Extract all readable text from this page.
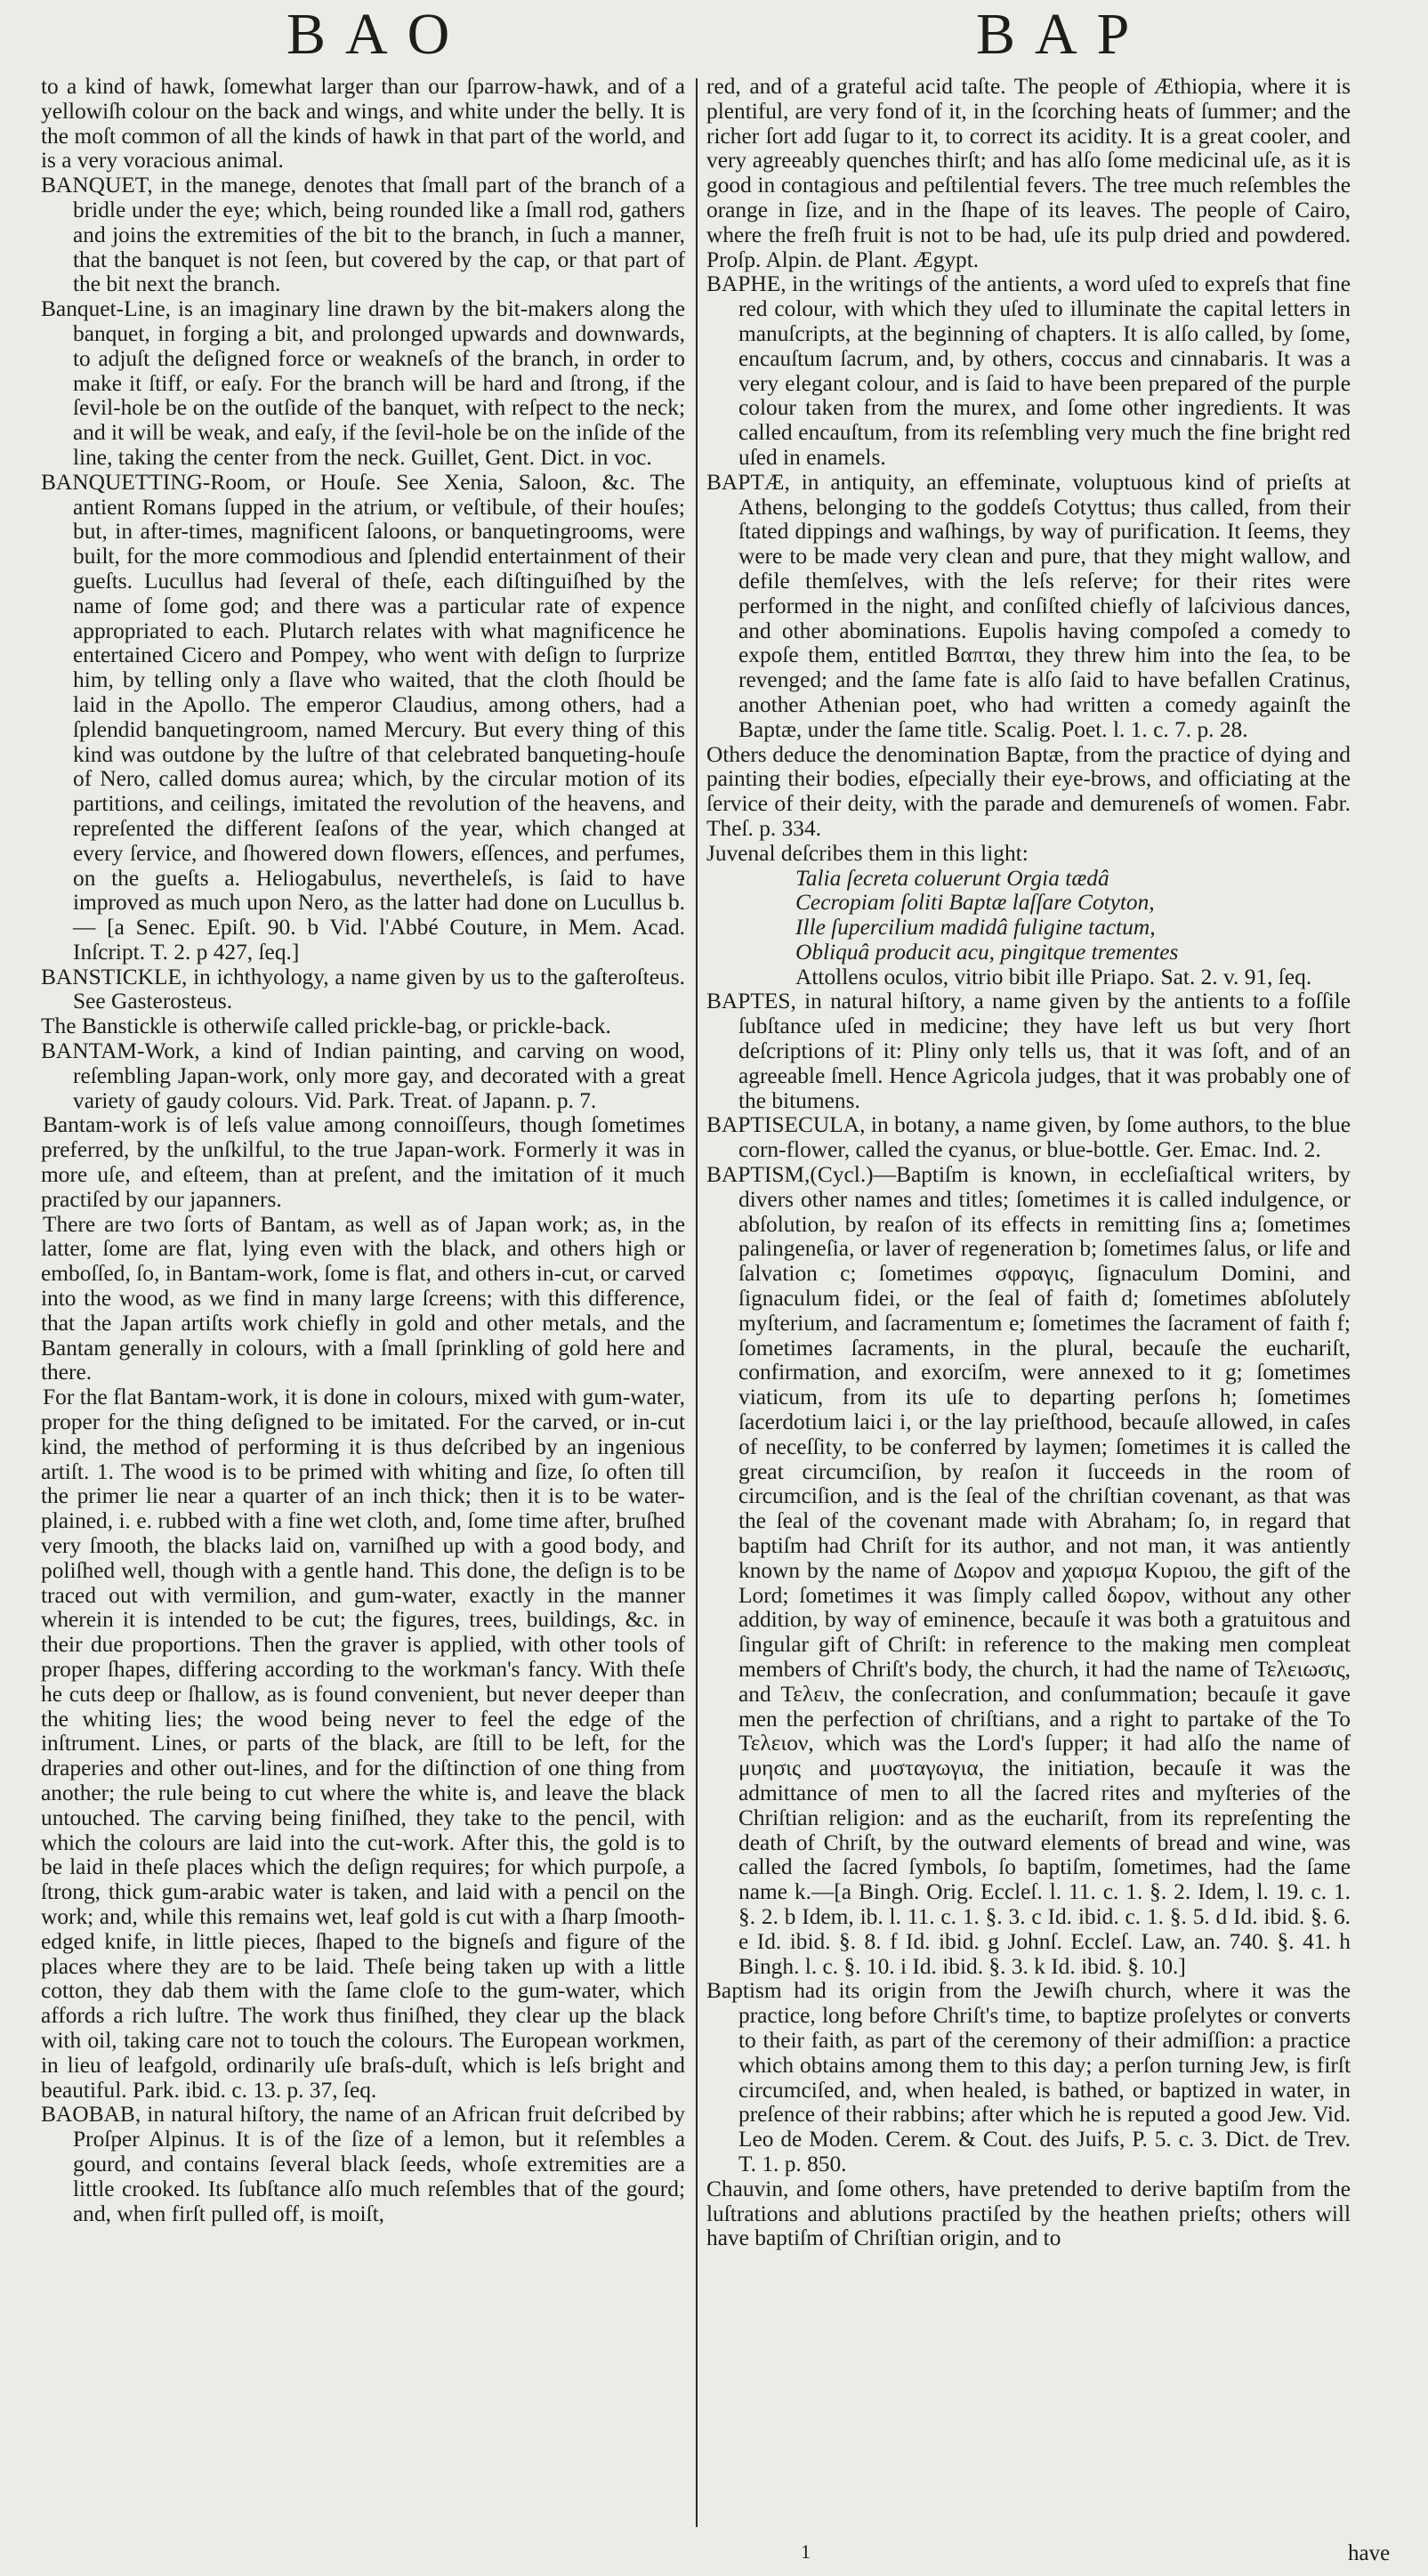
BAO	BAP

to a kind of hawk, ſomewhat larger than our ſparrow-hawk, and of a yellowiſh colour on the back and wings, and white under the belly. It is the moſt common of all the kinds of hawk in that part of the world, and is a very voracious animal.

BANQUET, in the manege, denotes that ſmall part of the branch of a bridle under the eye; which, being rounded like a ſmall rod, gathers and joins the extremities of the bit to the branch, in ſuch a manner, that the banquet is not ſeen, but covered by the cap, or that part of the bit next the branch.

Banquet-Line, is an imaginary line drawn by the bit-makers along the banquet, in forging a bit, and prolonged upwards and downwards, to adjuſt the deſigned force or weakneſs of the branch, in order to make it ſtiff, or eaſy. For the branch will be hard and ſtrong, if the ſevil-hole be on the outſide of the banquet, with reſpect to the neck; and it will be weak, and eaſy, if the ſevil-hole be on the inſide of the line, taking the center from the neck. Guillet, Gent. Dict. in voc.

BANQUETTING-Room, or Houſe. See Xenia, Saloon, &c. The antient Romans ſupped in the atrium, or veſtibule, of their houſes; but, in after-times, magnificent ſaloons, or banquetingrooms, were built, for the more commodious and ſplendid entertainment of their gueſts. Lucullus had ſeveral of theſe, each diſtinguiſhed by the name of ſome god; and there was a particular rate of expence appropriated to each. Plutarch relates with what magnificence he entertained Cicero and Pompey, who went with deſign to ſurprize him, by telling only a ſlave who waited, that the cloth ſhould be laid in the Apollo. The emperor Claudius, among others, had a ſplendid banquetingroom, named Mercury. But every thing of this kind was outdone by the luſtre of that celebrated banqueting-houſe of Nero, called domus aurea; which, by the circular motion of its partitions, and ceilings, imitated the revolution of the heavens, and repreſented the different ſeaſons of the year, which changed at every ſervice, and ſhowered down flowers, eſſences, and perfumes, on the gueſts a. Heliogabulus, nevertheleſs, is ſaid to have improved as much upon Nero, as the latter had done on Lucullus b. — [a Senec. Epiſt. 90. b Vid. l'Abbé Couture, in Mem. Acad. Inſcript. T. 2. p 427, ſeq.]

BANSTICKLE, in ichthyology, a name given by us to the gaſteroſteus. See Gasterosteus.

The Banstickle is otherwiſe called prickle-bag, or prickle-back.

BANTAM-Work, a kind of Indian painting, and carving on wood, reſembling Japan-work, only more gay, and decorated with a great variety of gaudy colours. Vid. Park. Treat. of Japann. p. 7.

Bantam-work is of leſs value among connoiſſeurs, though ſometimes preferred, by the unſkilful, to the true Japan-work. Formerly it was in more uſe, and eſteem, than at preſent, and the imitation of it much practiſed by our japanners.

There are two ſorts of Bantam, as well as of Japan work; as, in the latter, ſome are flat, lying even with the black, and others high or emboſſed, ſo, in Bantam-work, ſome is flat, and others in-cut, or carved into the wood, as we find in many large ſcreens; with this difference, that the Japan artiſts work chiefly in gold and other metals, and the Bantam generally in colours, with a ſmall ſprinkling of gold here and there.

For the flat Bantam-work, it is done in colours, mixed with gum-water, proper for the thing deſigned to be imitated. For the carved, or in-cut kind, the method of performing it is thus deſcribed by an ingenious artiſt. 1. The wood is to be primed with whiting and ſize, ſo often till the primer lie near a quarter of an inch thick; then it is to be water-plained, i. e. rubbed with a fine wet cloth, and, ſome time after, bruſhed very ſmooth, the blacks laid on, varniſhed up with a good body, and poliſhed well, though with a gentle hand. This done, the deſign is to be traced out with vermilion, and gum-water, exactly in the manner wherein it is intended to be cut; the figures, trees, buildings, &c. in their due proportions. Then the graver is applied, with other tools of proper ſhapes, differing according to the workman's fancy. With theſe he cuts deep or ſhallow, as is found convenient, but never deeper than the whiting lies; the wood being never to feel the edge of the inſtrument. Lines, or parts of the black, are ſtill to be left, for the draperies and other out-lines, and for the diſtinction of one thing from another; the rule being to cut where the white is, and leave the black untouched. The carving being finiſhed, they take to the pencil, with which the colours are laid into the cut-work. After this, the gold is to be laid in theſe places which the deſign requires; for which purpoſe, a ſtrong, thick gum-arabic water is taken, and laid with a pencil on the work; and, while this remains wet, leaf gold is cut with a ſharp ſmooth-edged knife, in little pieces, ſhaped to the bigneſs and figure of the places where they are to be laid. Theſe being taken up with a little cotton, they dab them with the ſame cloſe to the gum-water, which affords a rich luſtre. The work thus finiſhed, they clear up the black with oil, taking care not to touch the colours. The European workmen, in lieu of leafgold, ordinarily uſe braſs-duſt, which is leſs bright and beautiful. Park. ibid. c. 13. p. 37, ſeq.

BAOBAB, in natural hiſtory, the name of an African fruit deſcribed by Proſper Alpinus. It is of the ſize of a lemon, but it reſembles a gourd, and contains ſeveral black ſeeds, whoſe extremities are a little crooked. Its ſubſtance alſo much reſembles that of the gourd; and, when firſt pulled off, is moiſt,

red, and of a grateful acid taſte. The people of Æthiopia, where it is plentiful, are very fond of it, in the ſcorching heats of ſummer; and the richer ſort add ſugar to it, to correct its acidity. It is a great cooler, and very agreeably quenches thirſt; and has alſo ſome medicinal uſe, as it is good in contagious and peſtilential fevers. The tree much reſembles the orange in ſize, and in the ſhape of its leaves. The people of Cairo, where the freſh fruit is not to be had, uſe its pulp dried and powdered. Proſp. Alpin. de Plant. Ægypt.

BAPHE, in the writings of the antients, a word uſed to expreſs that fine red colour, with which they uſed to illuminate the capital letters in manuſcripts, at the beginning of chapters. It is alſo called, by ſome, encauſtum ſacrum, and, by others, coccus and cinnabaris. It was a very elegant colour, and is ſaid to have been prepared of the purple colour taken from the murex, and ſome other ingredients. It was called encauſtum, from its reſembling very much the fine bright red uſed in enamels.

BAPTÆ, in antiquity, an effeminate, voluptuous kind of prieſts at Athens, belonging to the goddeſs Cotyttus; thus called, from their ſtated dippings and waſhings, by way of purification. It ſeems, they were to be made very clean and pure, that they might wallow, and defile themſelves, with the leſs reſerve; for their rites were performed in the night, and conſiſted chiefly of laſcivious dances, and other abominations. Eupolis having compoſed a comedy to expoſe them, entitled Βαπται, they threw him into the ſea, to be revenged; and the ſame fate is alſo ſaid to have befallen Cratinus, another Athenian poet, who had written a comedy againſt the Baptæ, under the ſame title. Scalig. Poet. l. 1. c. 7. p. 28.

Others deduce the denomination Baptæ, from the practice of dying and painting their bodies, eſpecially their eye-brows, and officiating at the ſervice of their deity, with the parade and demureneſs of women. Fabr. Theſ. p. 334.

Juvenal deſcribes them in this light:

Talia ſecreta coluerunt Orgia tædâ

Cecropiam ſoliti Baptæ laſſare Cotyton,

Ille ſupercilium madidâ fuligine tactum,

Obliquâ producit acu, pingitque trementes

Attollens oculos, vitrio bibit ille Priapo. Sat. 2. v. 91, ſeq.

BAPTES, in natural hiſtory, a name given by the antients to a foſſile ſubſtance uſed in medicine; they have left us but very ſhort deſcriptions of it: Pliny only tells us, that it was ſoft, and of an agreeable ſmell. Hence Agricola judges, that it was probably one of the bitumens.

BAPTISECULA, in botany, a name given, by ſome authors, to the blue corn-flower, called the cyanus, or blue-bottle. Ger. Emac. Ind. 2.

BAPTISM,(Cycl.)—Baptiſm is known, in eccleſiaſtical writers, by divers other names and titles; ſometimes it is called indulgence, or abſolution, by reaſon of its effects in remitting ſins a; ſometimes palingeneſia, or laver of regeneration b; ſometimes ſalus, or life and ſalvation c; ſometimes σφραγις, ſignaculum Domini, and ſignaculum fidei, or the ſeal of faith d; ſometimes abſolutely myſterium, and ſacramentum e; ſometimes the ſacrament of faith f; ſometimes ſacraments, in the plural, becauſe the euchariſt, confirmation, and exorciſm, were annexed to it g; ſometimes viaticum, from its uſe to departing perſons h; ſometimes ſacerdotium laici i, or the lay prieſthood, becauſe allowed, in caſes of neceſſity, to be conferred by laymen; ſometimes it is called the great circumciſion, by reaſon it ſucceeds in the room of circumciſion, and is the ſeal of the chriſtian covenant, as that was the ſeal of the covenant made with Abraham; ſo, in regard that baptiſm had Chriſt for its author, and not man, it was antiently known by the name of Δωρον and χαρισμα Κυριου, the gift of the Lord; ſometimes it was ſimply called δωρον, without any other addition, by way of eminence, becauſe it was both a gratuitous and ſingular gift of Chriſt: in reference to the making men compleat members of Chriſt's body, the church, it had the name of Τελειωσις, and Τελειν, the conſecration, and conſummation; becauſe it gave men the perfection of chriſtians, and a right to partake of the Το Τελειον, which was the Lord's ſupper; it had alſo the name of μυησις and μυσταγωγια, the initiation, becauſe it was the admittance of men to all the ſacred rites and myſteries of the Chriſtian religion: and as the euchariſt, from its repreſenting the death of Chriſt, by the outward elements of bread and wine, was called the ſacred ſymbols, ſo baptiſm, ſometimes, had the ſame name k.—[a Bingh. Orig. Eccleſ. l. 11. c. 1. §. 2. Idem, l. 19. c. 1. §. 2. b Idem, ib. l. 11. c. 1. §. 3. c Id. ibid. c. 1. §. 5. d Id. ibid. §. 6. e Id. ibid. §. 8. f Id. ibid. g Johnſ. Eccleſ. Law, an. 740. §. 41. h Bingh. l. c. §. 10. i Id. ibid. §. 3. k Id. ibid. §. 10.]

Baptism had its origin from the Jewiſh church, where it was the practice, long before Chriſt's time, to baptize proſelytes or converts to their faith, as part of the ceremony of their admiſſion: a practice which obtains among them to this day; a perſon turning Jew, is firſt circumciſed, and, when healed, is bathed, or baptized in water, in preſence of their rabbins; after which he is reputed a good Jew. Vid. Leo de Moden. Cerem. & Cout. des Juifs, P. 5. c. 3. Dict. de Trev. T. 1. p. 850.

Chauvin, and ſome others, have pretended to derive baptiſm from the luſtrations and ablutions practiſed by the heathen prieſts; others will have baptiſm of Chriſtian origin, and to

1	have
